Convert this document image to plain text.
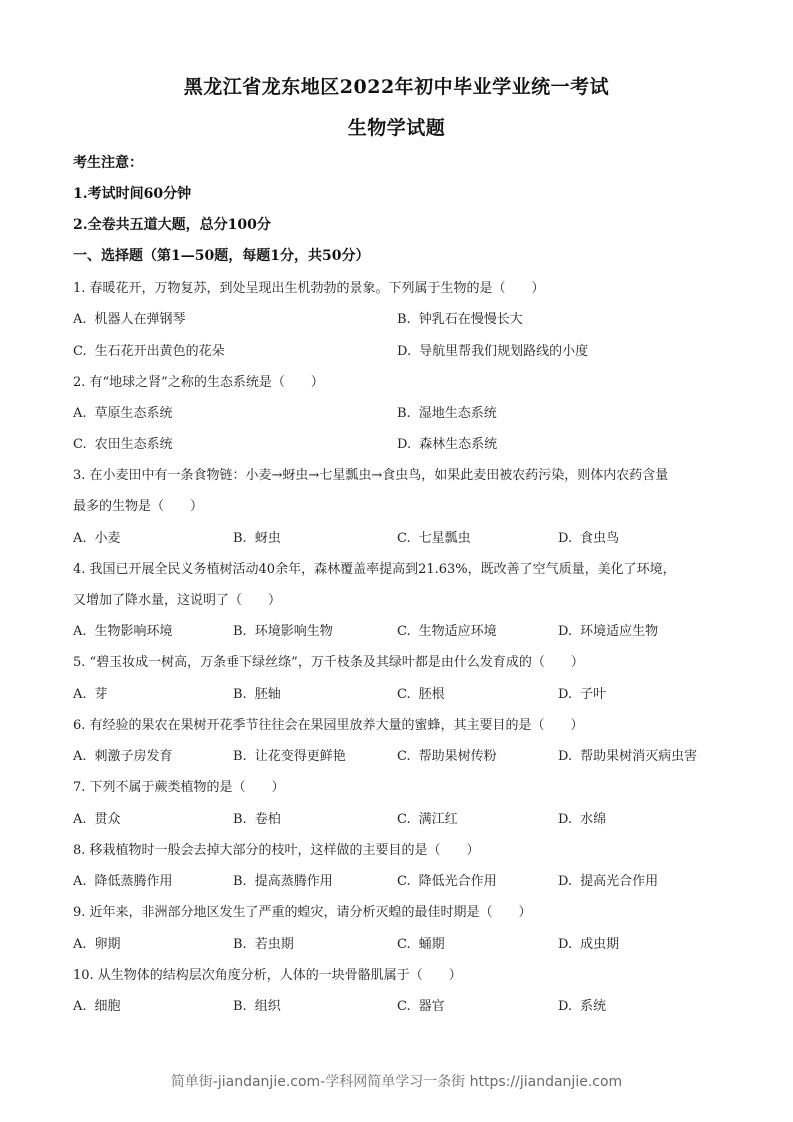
黑龙江省龙东地区2022年初中毕业学业统一考试
生物学试题
考生注意：
1.考试时间60分钟
2.全卷共五道大题，总分100分
一、选择题（第1—50题，每题1分，共50分）
1. 春暖花开，万物复苏，到处呈现出生机勃勃的景象。下列属于生物的是（　　）
A. 机器人在弹钢琴	B. 钟乳石在慢慢长大
C. 生石花开出黄色的花朵	D. 导航里帮我们规划路线的小度
2. 有“地球之肾”之称的生态系统是（　　）
A. 草原生态系统	B. 湿地生态系统
C. 农田生态系统	D. 森林生态系统
3. 在小麦田中有一条食物链：小麦→蚜虫→七星瓢虫→食虫鸟，如果此麦田被农药污染，则体内农药含量
最多的生物是（　　）
A. 小麦	B. 蚜虫	C. 七星瓢虫	D. 食虫鸟
4. 我国已开展全民义务植树活动40余年，森林覆盖率提高到21.63%，既改善了空气质量，美化了环境，
又增加了降水量，这说明了（　　）
A. 生物影响环境	B. 环境影响生物	C. 生物适应环境	D. 环境适应生物
5. “碧玉妆成一树高，万条垂下绿丝绦”，万千枝条及其绿叶都是由什么发育成的（　　）
A. 芽	B. 胚轴	C. 胚根	D. 子叶
6. 有经验的果农在果树开花季节往往会在果园里放养大量的蜜蜂，其主要目的是（　　）
A. 刺激子房发育	B. 让花变得更鲜艳	C. 帮助果树传粉	D. 帮助果树消灭病虫害
7. 下列不属于蕨类植物的是（　　）
A. 贯众	B. 卷柏	C. 满江红	D. 水绵
8. 移栽植物时一般会去掉大部分的枝叶，这样做的主要目的是（　　）
A. 降低蒸腾作用	B. 提高蒸腾作用	C. 降低光合作用	D. 提高光合作用
9. 近年来，非洲部分地区发生了严重的蝗灾，请分析灭蝗的最佳时期是（　　）
A. 卵期	B. 若虫期	C. 蛹期	D. 成虫期
10. 从生物体的结构层次角度分析，人体的一块骨骼肌属于（　　）
A. 细胞	B. 组织	C. 器官	D. 系统
简单街-jiandanjie.com-学科网简单学习一条街 https://jiandanjie.com
